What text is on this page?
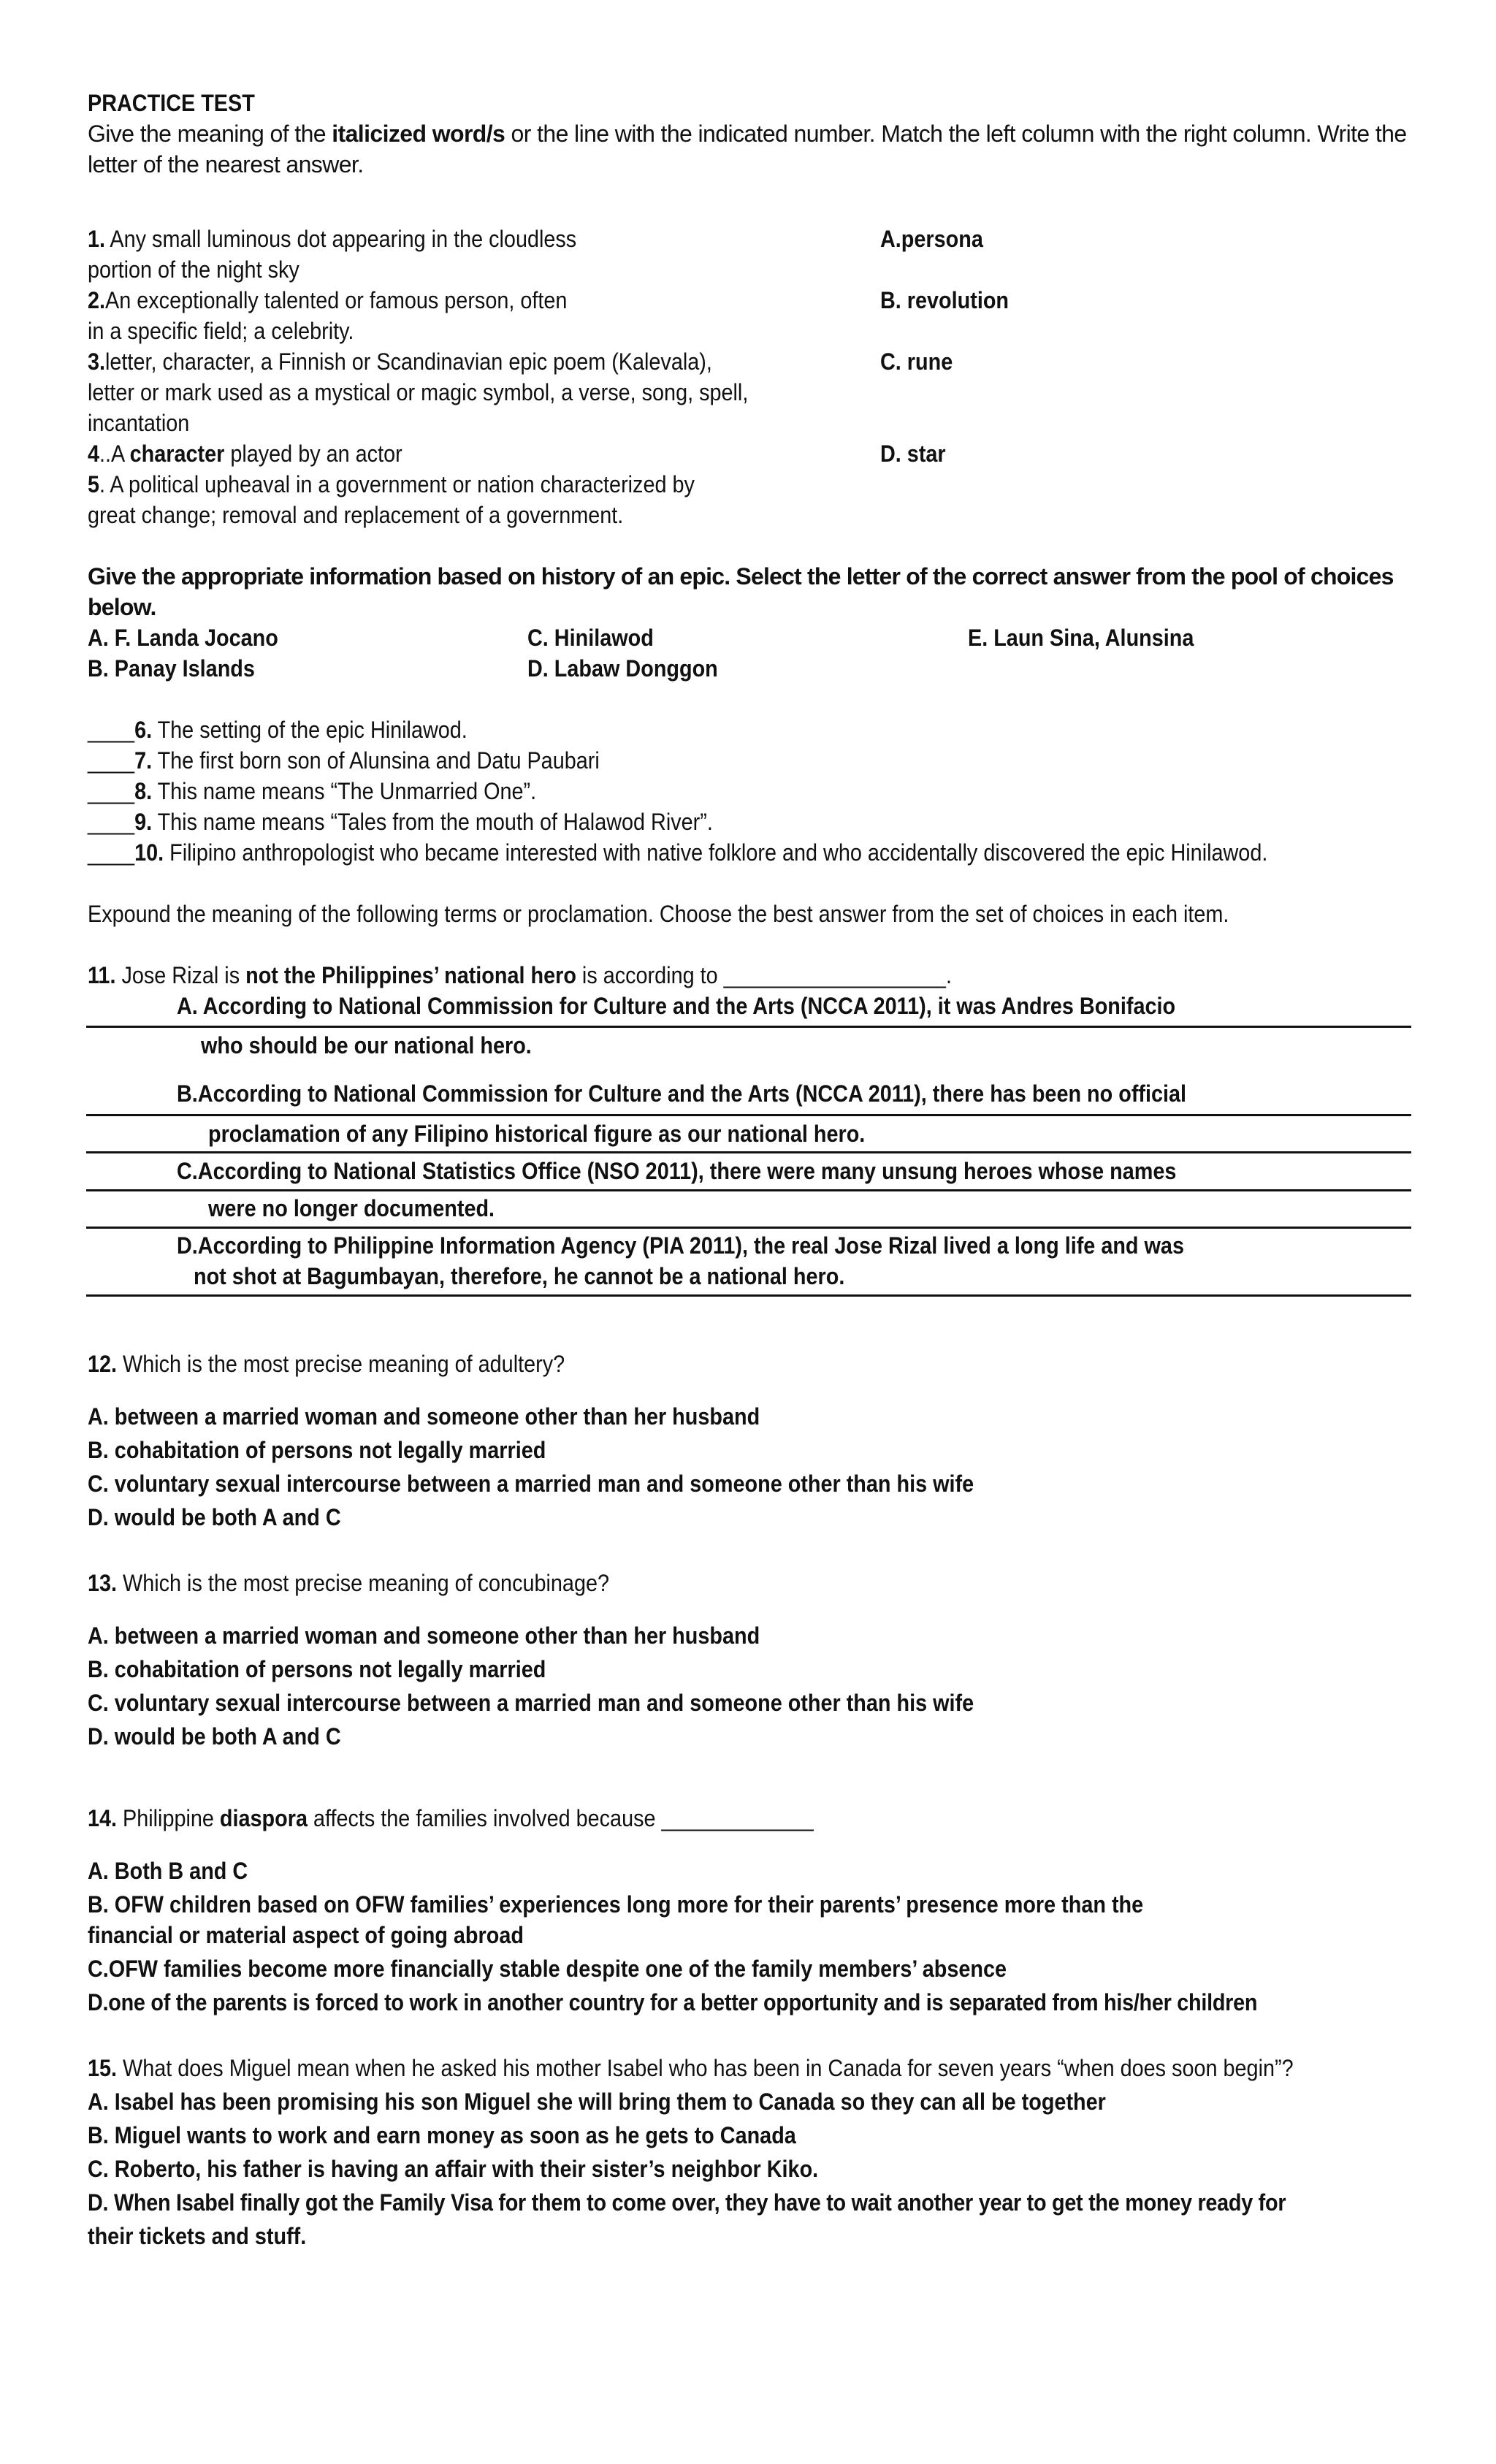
PRACTICE TEST
Give the meaning of the italicized word/s or the line with the indicated number. Match the left column with the right column. Write the letter of the nearest answer.
1. Any small luminous dot appearing in the cloudless
portion of the night sky
2.An exceptionally talented or famous person, often
in a specific field; a celebrity.
3.letter, character, a Finnish or Scandinavian epic poem (Kalevala),
letter or mark used as a mystical or magic symbol, a verse, song, spell,
incantation
4..A character played by an actor
5. A political upheaval in a government or nation characterized by
great change; removal and replacement of a government.
A.persona
B. revolution
C. rune
D. star
Give the appropriate information based on history of an epic. Select the letter of the correct answer from the pool of choices below.
A. F. Landa Jocano
B. Panay Islands
C. Hinilawod
D. Labaw Donggon
E. Laun Sina, Alunsina
____6. The setting of the epic Hinilawod.
____7. The first born son of Alunsina and Datu Paubari
____8. This name means “The Unmarried One”.
____9. This name means “Tales from the mouth of Halawod River”.
____10. Filipino anthropologist who became interested with native folklore and who accidentally discovered the epic Hinilawod.
Expound the meaning of the following terms or proclamation. Choose the best answer from the set of choices in each item.
11. Jose Rizal is not the Philippines’ national hero is according to ___________________.
A. According to National Commission for Culture and the Arts (NCCA 2011), it was Andres Bonifacio
who should be our national hero.
B.According to National Commission for Culture and the Arts (NCCA 2011), there has been no official
proclamation of any Filipino historical figure as our national hero.
C.According to National Statistics Office (NSO 2011), there were many unsung heroes whose names
were no longer documented.
D.According to Philippine Information Agency (PIA 2011), the real Jose Rizal lived a long life and was
not shot at Bagumbayan, therefore, he cannot be a national hero.
12. Which is the most precise meaning of adultery?
A. between a married woman and someone other than her husband
B. cohabitation of persons not legally married
C. voluntary sexual intercourse between a married man and someone other than his wife
D. would be both A and C
13. Which is the most precise meaning of concubinage?
A. between a married woman and someone other than her husband
B. cohabitation of persons not legally married
C. voluntary sexual intercourse between a married man and someone other than his wife
D. would be both A and C
14. Philippine diaspora affects the families involved because _____________
A. Both B and C
B. OFW children based on OFW families’ experiences long more for their parents’ presence more than the
financial or material aspect of going abroad
C.OFW families become more financially stable despite one of the family members’ absence
D.one of the parents is forced to work in another country for a better opportunity and is separated from his/her children
15. What does Miguel mean when he asked his mother Isabel who has been in Canada for seven years “when does soon begin”?
A. Isabel has been promising his son Miguel she will bring them to Canada so they can all be together
B. Miguel wants to work and earn money as soon as he gets to Canada
C. Roberto, his father is having an affair with their sister’s neighbor Kiko.
D. When Isabel finally got the Family Visa for them to come over, they have to wait another year to get the money ready for
their tickets and stuff.
